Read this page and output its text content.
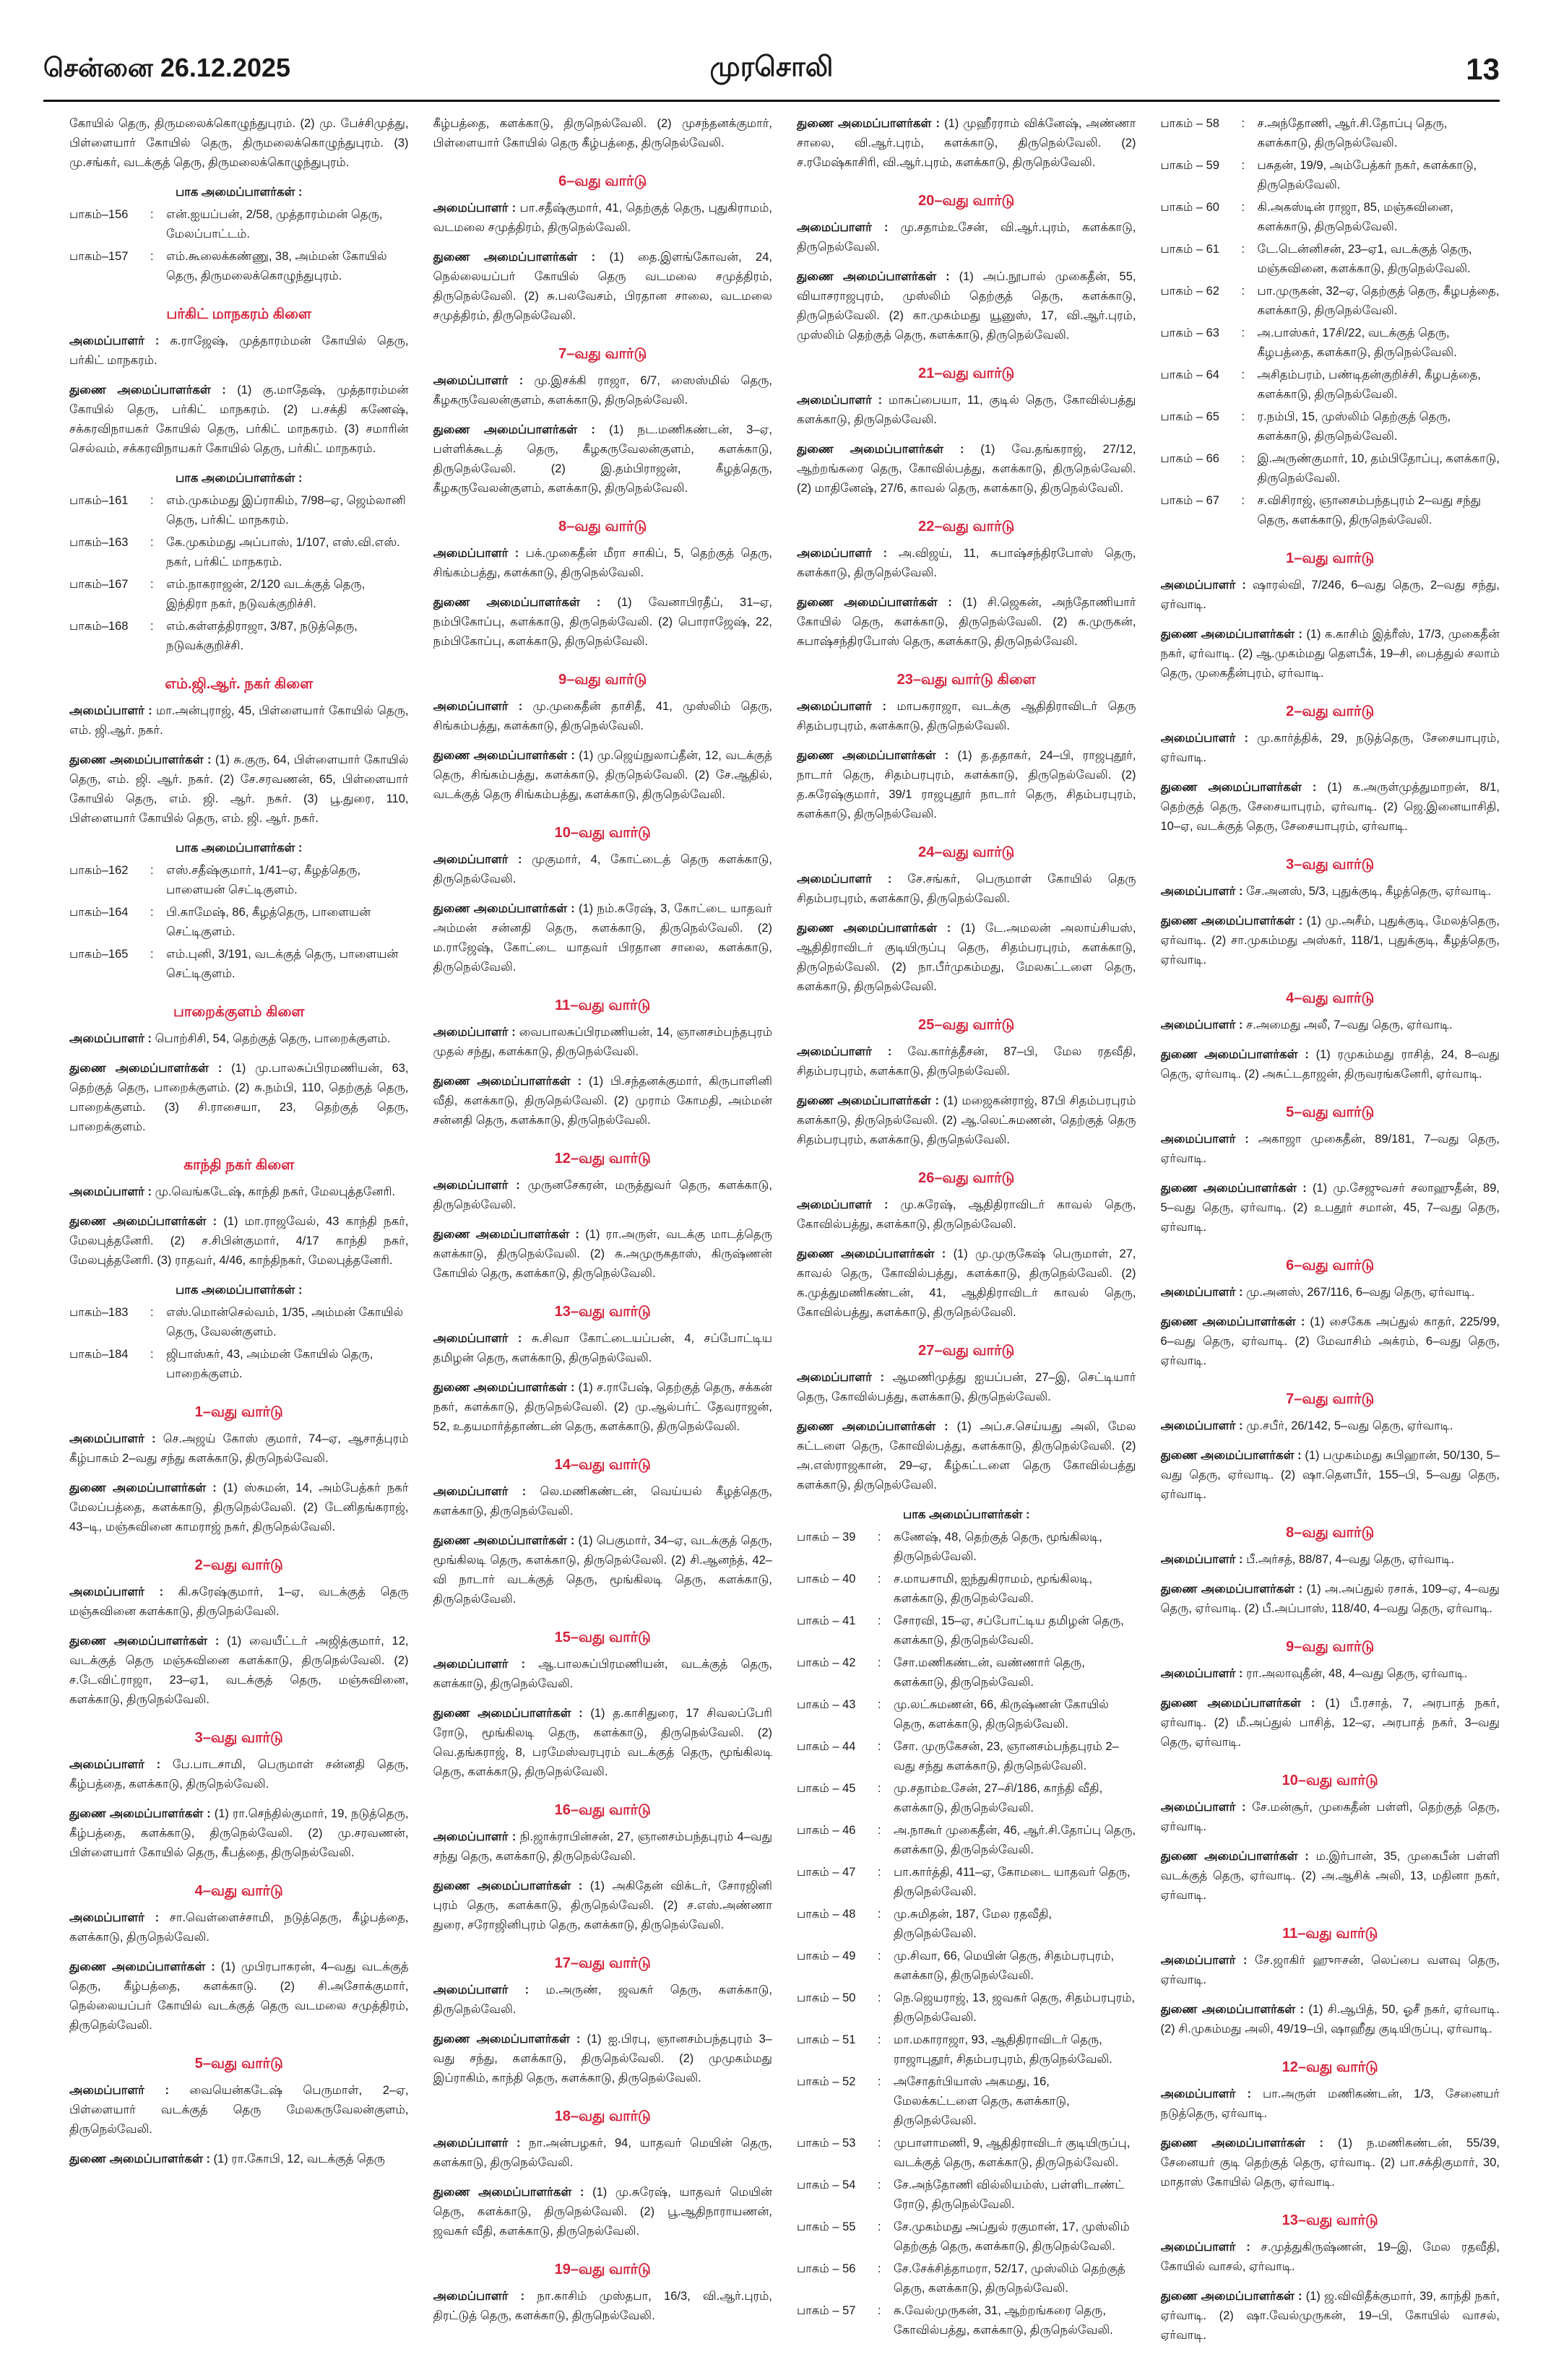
சென்னை 26.12.2025	முரசொலி	13

கோயில் தெரு, திருமலைக்கொழுந்துபுரம். (2) மு. பேச்சிமுத்து, பிள்ளையார் கோயில் தெரு, திருமலைக்கொழுந்துபுரம். (3) மு.சங்கர், வடக்குத் தெரு, திருமலைக்கொழுந்துபுரம்.

பாக அமைப்பாளர்கள் :
பாகம்–156	:	என்.ஐயப்பன், 2/58, முத்தாரம்மன் தெரு, மேலப்பாட்டம்.
பாகம்–157	:	எம்.கூலைக்கண்ணு, 38, அம்மன் கோயில் தெரு, திருமலைக்கொழுந்துபுரம்.
பர்கிட் மாநகரம் கிளை

அமைப்பாளர் : க.ராஜேஷ், முத்தாரம்மன் கோயில் தெரு, பர்கிட் மாநகரம்.

துணை அமைப்பாளர்கள் : (1) கு.மாதேஷ், முத்தாரம்மன் கோயில் தெரு, பர்கிட் மாநகரம். (2) ப.சக்தி கணேஷ், சக்கரவிநாயகர் கோயில் தெரு, பர்கிட் மாநகரம். (3) சமாரின் செல்வம், சக்கரவிநாயகர் கோயில் தெரு, பர்கிட் மாநகரம்.

பாக அமைப்பாளர்கள் :
பாகம்–161	:	எம்.முகம்மது இப்ராகிம், 7/98–ஏ, ஜெம்லானி தெரு, பர்கிட் மாநகரம்.
பாகம்–163	:	கே.முகம்மது அப்பாஸ், 1/107, எஸ்.வி.எஸ். நகர், பர்கிட் மாநகரம்.
பாகம்–167	:	எம்.நாகராஜன், 2/120 வடக்குத் தெரு, இந்திரா நகர், நடுவக்குறிச்சி.
பாகம்–168	:	எம்.கள்ளத்திராஜா, 3/87, நடுத்தெரு, நடுவக்குறிச்சி.
எம்.ஜி.ஆர். நகர் கிளை

அமைப்பாளர் : மா.அன்புராஜ், 45, பிள்ளையார் கோயில் தெரு, எம். ஜி.ஆர். நகர்.

துணை அமைப்பாளர்கள் : (1) சு.குரு, 64, பிள்ளையார் கோயில் தெரு, எம். ஜி. ஆர். நகர். (2) சே.சரவணன், 65, பிள்ளையார் கோயில் தெரு, எம். ஜி. ஆர். நகர். (3) பூ.துரை, 110, பிள்ளையார் கோயில் தெரு, எம். ஜி. ஆர். நகர்.

பாக அமைப்பாளர்கள் :
பாகம்–162	:	எஸ்.சதீஷ்குமார், 1/41–ஏ, கீழத்தெரு, பாளையன் செட்டிகுளம்.
பாகம்–164	:	பி.காமேஷ், 86, கீழத்தெரு, பாளையன் செட்டிகுளம்.
பாகம்–165	:	எம்.புனி, 3/191, வடக்குத் தெரு, பாளையன் செட்டிகுளம்.
பாறைக்குளம் கிளை

அமைப்பாளர் : பொற்சிசி, 54, தெற்குத் தெரு, பாறைக்குளம்.

துணை அமைப்பாளர்கள் : (1) மு.பாலசுப்பிரமணியன், 63, தெற்குத் தெரு, பாறைக்குளம். (2) சு.நம்பி, 110, தெற்குத் தெரு, பாறைக்குளம். (3) சி.ராசையா, 23, தெற்குத் தெரு, பாறைக்குளம்.

காந்தி நகர் கிளை

அமைப்பாளர் : மு.வெங்கடேஷ், காந்தி நகர், மேலபுத்தனேரி.

துணை அமைப்பாளர்கள் : (1) மா.ராஜவேல், 43 காந்தி நகர், மேலபுத்தனேரி. (2) ச.சிபின்குமார், 4/17 காந்தி நகர், மேலபுத்தனேரி. (3) ராதவர், 4/46, காந்திநகர், மேலபுத்தனேரி.

பாக அமைப்பாளர்கள் :
பாகம்–183	:	எஸ்.மொன்செல்வம், 1/35, அம்மன் கோயில் தெரு, வேலன்குளம்.
பாகம்–184	:	ஜிபாஸ்கர், 43, அம்மன் கோயில் தெரு, பாறைக்குளம்.
1–வது வார்டு

அமைப்பாளர் : செ.அஜய் கோஸ் குமார், 74–ஏ, ஆசாத்புரம் கீழ்பாகம் 2–வது சந்து களக்காடு, திருநெல்வேலி.

துணை அமைப்பாளர்கள் : (1) ஸ்சுமன், 14, அம்பேத்கர் நகர் மேலப்பத்தை, களக்காடு, திருநெல்வேலி. (2) டேனிதங்கராஜ், 43–டி, மஞ்சுவினை காமராஜ் நகர், திருநெல்வேலி.

2–வது வார்டு

அமைப்பாளர் : கி.சுரேஷ்குமார், 1–ஏ, வடக்குத் தெரு மஞ்சுவினை களக்காடு, திருநெல்வேலி.

துணை அமைப்பாளர்கள் : (1) வையீட்டர் அஜித்குமார், 12, வடக்குத் தெரு மஞ்சுவினை களக்காடு, திருநெல்வேலி. (2) ச.டேவிட்ராஜா, 23–ஏ1, வடக்குத் தெரு, மஞ்சுவினை, களக்காடு, திருநெல்வேலி.

3–வது வார்டு

அமைப்பாளர் : பே.பாடசாமி, பெருமாள் சன்னதி தெரு, கீழ்பத்தை, களக்காடு, திருநெல்வேலி.

துணை அமைப்பாளர்கள் : (1) ரா.செந்தில்குமார், 19, நடுத்தெரு, கீழ்பத்தை, களக்காடு, திருநெல்வேலி. (2) மு.சரவணன், பிள்ளையார் கோயில் தெரு, கீபத்தை, திருநெல்வேலி.

4–வது வார்டு

அமைப்பாளர் : சா.வெள்ளைச்சாமி, நடுத்தெரு, கீழ்பத்தை, களக்காடு, திருநெல்வேலி.

துணை அமைப்பாளர்கள் : (1) முபிரபாகரன், 4–வது வடக்குத் தெரு, கீழ்பத்தை, களக்காடு. (2) சி.அசோக்குமார், நெல்லையப்பர் கோயில் வடக்குத் தெரு வடமலை சமுத்திரம், திருநெல்வேலி.

5–வது வார்டு

அமைப்பாளர் : வையென்கடேஷ் பெருமாள், 2–ஏ, பிள்ளையார் வடக்குத் தெரு மேலகருவேலன்குளம், திருநெல்வேலி.

துணை அமைப்பாளர்கள் : (1) ரா.கோபி, 12, வடக்குத் தெரு

கீழ்பத்தை, களக்காடு, திருநெல்வேலி. (2) முசந்தனக்குமார், பிள்ளையார் கோயில் தெரு கீழ்பத்தை, திருநெல்வேலி.

6–வது வார்டு

அமைப்பாளர் : பா.சதீஷ்குமார், 41, தெற்குத் தெரு, புதுகிராமம், வடமலை சமுத்திரம், திருநெல்வேலி.

துணை அமைப்பாளர்கள் : (1) தை.இளங்கோவன், 24, நெல்லையப்பர் கோயில் தெரு வடமலை சமுத்திரம், திருநெல்வேலி. (2) சு.பலவேசம், பிரதான சாலை, வடமலை சமுத்திரம், திருநெல்வேலி.

7–வது வார்டு

அமைப்பாளர் : மு.இசக்கி ராஜா, 6/7, ஸைஸ்மில் தெரு, கீழகருவேலன்குளம், களக்காடு, திருநெல்வேலி.

துணை அமைப்பாளர்கள் : (1) நட.மணிகண்டன், 3–ஏ, பள்ளிக்கூடத் தெரு, கீழகருவேலன்குளம், களக்காடு, திருநெல்வேலி. (2) இ.தம்பிராஜன், கீழத்தெரு, கீழகருவேலன்குளம், களக்காடு, திருநெல்வேலி.

8–வது வார்டு

அமைப்பாளர் : பக்.முகைதீன் மீரா சாகிப், 5, தெற்குத் தெரு, சிங்கம்பத்து, களக்காடு, திருநெல்வேலி.

துணை அமைப்பாளர்கள் : (1) வேனாபிரதீப், 31–ஏ, நம்பிகோப்பு, களக்காடு, திருநெல்வேலி. (2) பொராஜேஷ், 22, நம்பிகோப்பு, களக்காடு, திருநெல்வேலி.

9–வது வார்டு

அமைப்பாளர் : மு.முகைதீன் தாசிதீ, 41, முஸ்லிம் தெரு, சிங்கம்பத்து, களக்காடு, திருநெல்வேலி.

துணை அமைப்பாளர்கள் : (1) மு.ஜெய்நுலாப்தீன், 12, வடக்குத் தெரு, சிங்கம்பத்து, களக்காடு, திருநெல்வேலி. (2) சே.ஆதில், வடக்குத் தெரு சிங்கம்பத்து, களக்காடு, திருநெல்வேலி.

10–வது வார்டு

அமைப்பாளர் : முகுமார், 4, கோட்டைத் தெரு களக்காடு, திருநெல்வேலி.

துணை அமைப்பாளர்கள் : (1) நம்.சுரேஷ், 3, கோட்டை யாதவர் அம்மன் சன்னதி தெரு, களக்காடு, திருநெல்வேலி. (2) ம.ராஜேஷ், கோட்டை யாதவர் பிரதான சாலை, களக்காடு, திருநெல்வேலி.

11–வது வார்டு

அமைப்பாளர் : வைபாலசுப்பிரமணியன், 14, ஞானசம்பந்தபுரம் முதல் சந்து, களக்காடு, திருநெல்வேலி.

துணை அமைப்பாளர்கள் : (1) பி.சந்தனக்குமார், கிருபாளினி வீதி, களக்காடு, திருநெல்வேலி. (2) முராம் கோமதி, அம்மன் சன்னதி தெரு, களக்காடு, திருநெல்வேலி.

12–வது வார்டு

அமைப்பாளர் : முருனசேகரன், மருத்துவர் தெரு, களக்காடு, திருநெல்வேலி.

துணை அமைப்பாளர்கள் : (1) ரா.அருள், வடக்கு மாடத்தெரு களக்காடு, திருநெல்வேலி. (2) சு.அமுருகதாஸ், கிருஷ்ணன் கோயில் தெரு, களக்காடு, திருநெல்வேலி.

13–வது வார்டு

அமைப்பாளர் : சு.சிவா கோட்டையப்பன், 4, சப்போட்டிய தமிழன் தெரு, களக்காடு, திருநெல்வேலி.

துணை அமைப்பாளர்கள் : (1) ச.ராபேஷ், தெற்குத் தெரு, சக்கன் நகர், களக்காடு, திருநெல்வேலி. (2) மு.ஆல்பர்ட் தேவராஜன், 52, உதயமார்த்தாண்டன் தெரு, களக்காடு, திருநெல்வேலி.

14–வது வார்டு

அமைப்பாளர் : லெ.மணிகண்டன், வெய்யல் கீழத்தெரு, களக்காடு, திருநெல்வேலி.

துணை அமைப்பாளர்கள் : (1) பெகுமார், 34–ஏ, வடக்குத் தெரு, மூங்கிலடி தெரு, களக்காடு, திருநெல்வேலி. (2) சி.ஆனந்த், 42–வி நாடார் வடக்குத் தெரு, மூங்கிலடி தெரு, களக்காடு, திருநெல்வேலி.

15–வது வார்டு

அமைப்பாளர் : ஆ.பாலசுப்பிரமணியன், வடக்குத் தெரு, களக்காடு, திருநெல்வேலி.

துணை அமைப்பாளர்கள் : (1) த.காசிதுரை, 17 சிவலப்பேரி ரோடு, மூங்கிலடி தெரு, களக்காடு, திருநெல்வேலி. (2) வெ.தங்கராஜ், 8, பரமேஸ்வரபுரம் வடக்குத் தெரு, மூங்கிலடி தெரு, களக்காடு, திருநெல்வேலி.

16–வது வார்டு

அமைப்பாளர் : நி.ஜாக்ராபின்சன், 27, ஞானசம்பந்தபுரம் 4–வது சந்து தெரு, களக்காடு, திருநெல்வேலி.

துணை அமைப்பாளர்கள் : (1) அகிதேன் விக்டர், சோரஜினி புரம் தெரு, களக்காடு, திருநெல்வேலி. (2) ச.எஸ்.அண்ணா துரை, சரோஜினிபுரம் தெரு, களக்காடு, திருநெல்வேலி.

17–வது வார்டு

அமைப்பாளர் : ம.அருண், ஜவகர் தெரு, களக்காடு, திருநெல்வேலி.

துணை அமைப்பாளர்கள் : (1) ஐ.பிரபு, ஞானசம்பந்தபுரம் 3–வது சந்து, களக்காடு, திருநெல்வேலி. (2) முமுகம்மது இப்ராகிம், காந்தி தெரு, களக்காடு, திருநெல்வேலி.

18–வது வார்டு

அமைப்பாளர் : நா.அன்பழகர், 94, யாதவர் மெயின் தெரு, களக்காடு, திருநெல்வேலி.

துணை அமைப்பாளர்கள் : (1) மு.சுரேஷ், யாதவர் மெயின் தெரு, களக்காடு, திருநெல்வேலி. (2) பூ.ஆதிநாராயணன், ஜவகர் வீதி, களக்காடு, திருநெல்வேலி.

19–வது வார்டு

அமைப்பாளர் : நா.காசிம் முஸ்தபா, 16/3, வி.ஆர்.புரம், திரட்டுத் தெரு, களக்காடு, திருநெல்வேலி.

துணை அமைப்பாளர்கள் : (1) முஹீரராம் விக்னேஷ், அண்ணா சாலை, வி.ஆர்.புரம், களக்காடு, திருநெல்வேலி. (2) ச.ரமேஷ்காசிரி, வி.ஆர்.புரம், களக்காடு, திருநெல்வேலி.

20–வது வார்டு

அமைப்பாளர் : மு.சதாம்உசேன், வி.ஆர்.புரம், களக்காடு, திருநெல்வேலி.

துணை அமைப்பாளர்கள் : (1) அப்.நூபால் முகைதீன், 55, வியாசராஜபுரம், முஸ்லிம் தெற்குத் தெரு, களக்காடு, திருநெல்வேலி. (2) கா.முகம்மது யூனுஸ், 17, வி.ஆர்.புரம், முஸ்லிம் தெற்குத் தெரு, களக்காடு, திருநெல்வேலி.

21–வது வார்டு

அமைப்பாளர் : மாசுப்பையா, 11, குடில் தெரு, கோவில்பத்து களக்காடு, திருநெல்வேலி.

துணை அமைப்பாளர்கள் : (1) வே.தங்கராஜ், 27/12, ஆற்றங்கரை தெரு, கோவில்பத்து, களக்காடு, திருநெல்வேலி. (2) மாதினேஷ், 27/6, காவல் தெரு, களக்காடு, திருநெல்வேலி.

22–வது வார்டு

அமைப்பாளர் : அ.விஜய், 11, சுபாஷ்சந்திரபோஸ் தெரு, களக்காடு, திருநெல்வேலி.

துணை அமைப்பாளர்கள் : (1) சி.ஜெகன், அந்தோணியார் கோயில் தெரு, களக்காடு, திருநெல்வேலி. (2) சு.முருகன், சுபாஷ்சந்திரபோஸ் தெரு, களக்காடு, திருநெல்வேலி.

23–வது வார்டு கிளை

அமைப்பாளர் : மாபகராஜா, வடக்கு ஆதிதிராவிடர் தெரு சிதம்பரபுரம், களக்காடு, திருநெல்வேலி.

துணை அமைப்பாளர்கள் : (1) த.ததாகர், 24–பி, ராஜபுதூர், நாடார் தெரு, சிதம்பரபுரம், களக்காடு, திருநெல்வேலி. (2) த.சுரேஷ்குமார், 39/1 ராஜபுதூர் நாடார் தெரு, சிதம்பரபுரம், களக்காடு, திருநெல்வேலி.

24–வது வார்டு

அமைப்பாளர் : சே.சங்கர், பெருமாள் கோயில் தெரு சிதம்பரபுரம், களக்காடு, திருநெல்வேலி.

துணை அமைப்பாளர்கள் : (1) டே.அமலன் அலாய்சியஸ், ஆதிதிராவிடர் குடியிருப்பு தெரு, சிதம்பரபுரம், களக்காடு, திருநெல்வேலி. (2) நா.பீர்முகம்மது, மேலகட்டளை தெரு, களக்காடு, திருநெல்வேலி.

25–வது வார்டு

அமைப்பாளர் : வே.கார்த்தீசன், 87–பி, மேல ரதவீதி, சிதம்பரபுரம், களக்காடு, திருநெல்வேலி.

துணை அமைப்பாளர்கள் : (1) மஜைகன்ராஜ், 87பி சிதம்பரபுரம் களக்காடு, திருநெல்வேலி. (2) ஆ.லெட்சுமணன், தெற்குத் தெரு சிதம்பரபுரம், களக்காடு, திருநெல்வேலி.

26–வது வார்டு

அமைப்பாளர் : மு.சுரேஷ், ஆதிதிராவிடர் காவல் தெரு, கோவில்பத்து, களக்காடு, திருநெல்வேலி.

துணை அமைப்பாளர்கள் : (1) மு.முருகேஷ் பெருமாள், 27, காவல் தெரு, கோவில்பத்து, களக்காடு, திருநெல்வேலி. (2) க.முத்துமணிகண்டன், 41, ஆதிதிராவிடர் காவல் தெரு, கோவில்பத்து, களக்காடு, திருநெல்வேலி.

27–வது வார்டு

அமைப்பாளர் : ஆமணிமுத்து ஐயப்பன், 27–இ, செட்டியார் தெரு, கோவில்பத்து, களக்காடு, திருநெல்வேலி.

துணை அமைப்பாளர்கள் : (1) அப்.ச.செய்யது அலி, மேல கட்டளை தெரு, கோவில்பத்து, களக்காடு, திருநெல்வேலி. (2) அ.எஸ்ராஜகான், 29–ஏ, கீழ்கட்டளை தெரு கோவில்பத்து களக்காடு, திருநெல்வேலி.

பாக அமைப்பாளர்கள் :
பாகம் – 39	:	கணேஷ், 48, தெற்குத் தெரு, மூங்கிலடி, திருநெல்வேலி.
பாகம் – 40	:	ச.மாயசாமி, ஐந்துகிராமம், மூங்கிலடி, களக்காடு, திருநெல்வேலி.
பாகம் – 41	:	சோரவி, 15–ஏ, சப்போட்டிய தமிழன் தெரு, களக்காடு, திருநெல்வேலி.
பாகம் – 42	:	சோ.மணிகண்டன், வண்ணார் தெரு, களக்காடு, திருநெல்வேலி.
பாகம் – 43	:	மு.லட்சுமணன், 66, கிருஷ்ணன் கோயில் தெரு, களக்காடு, திருநெல்வேலி.
பாகம் – 44	:	சோ. முருகேசன், 23, ஞானசம்பந்தபுரம் 2–வது சந்து களக்காடு, திருநெல்வேலி.
பாகம் – 45	:	மு.சதாம்உசேன், 27–சி/186, காந்தி வீதி, களக்காடு, திருநெல்வேலி.
பாகம் – 46	:	அ.நாகூர் முகைதீன், 46, ஆர்.சி.தோப்பு தெரு, களக்காடு, திருநெல்வேலி.
பாகம் – 47	:	பா.கார்த்தி, 411–ஏ, கோமடை யாதவர் தெரு, திருநெல்வேலி.
பாகம் – 48	:	மு.சுமிதன், 187, மேல ரதவீதி, திருநெல்வேலி.
பாகம் – 49	:	மு.சிவா, 66, மெயின் தெரு, சிதம்பரபுரம், களக்காடு, திருநெல்வேலி.
பாகம் – 50	:	நெ.ஜெயராஜ், 13, ஜவகர் தெரு, சிதம்பரபுரம், திருநெல்வேலி.
பாகம் – 51	:	மா.மகாராஜா, 93, ஆதிதிராவிடர் தெரு, ராஜாபுதூர், சிதம்பரபுரம், திருநெல்வேலி.
பாகம் – 52	:	அசோதர்பியாஸ் அகமது, 16, மேலக்கட்டளை தெரு, களக்காடு, திருநெல்வேலி.
பாகம் – 53	:	முபாளாமணி, 9, ஆதிதிராவிடர் குடியிருப்பு, வடக்குத் தெரு, களக்காடு, திருநெல்வேலி.
பாகம் – 54	:	சே.அந்தோணி வில்லியம்ஸ், பள்ளிடாண்ட் ரோடு, திருநெல்வேலி.
பாகம் – 55	:	சே.முகம்மது அப்துல் ரகுமான், 17, முஸ்லிம் தெற்குத் தெரு, களக்காடு, திருநெல்வேலி.
பாகம் – 56	:	சே.சேக்சித்தாமரா, 52/17, முஸ்லிம் தெற்குத் தெரு, களக்காடு, திருநெல்வேலி.
பாகம் – 57	:	சு.வேல்முருகன், 31, ஆற்றங்கரை தெரு, கோவில்பத்து, களக்காடு, திருநெல்வேலி.
பாகம் – 58	:	ச.அந்தோணி, ஆர்.சி.தோப்பு தெரு, களக்காடு, திருநெல்வேலி.
பாகம் – 59	:	பசுதன், 19/9, அம்பேத்கர் நகர், களக்காடு, திருநெல்வேலி.
பாகம் – 60	:	கி.அகஸ்டின் ராஜா, 85, மஞ்சுவினை, களக்காடு, திருநெல்வேலி.
பாகம் – 61	:	டே.டென்னிசன், 23–ஏ1, வடக்குத் தெரு, மஞ்சுவினை, களக்காடு, திருநெல்வேலி.
பாகம் – 62	:	பா.முருகன், 32–ஏ, தெற்குத் தெரு, கீழபத்தை, களக்காடு, திருநெல்வேலி.
பாகம் – 63	:	அ.பாஸ்கர், 17சி/22, வடக்குத் தெரு, கீழபத்தை, களக்காடு, திருநெல்வேலி.
பாகம் – 64	:	அசிதம்பரம், பண்டிதன்குறிச்சி, கீழபத்தை, களக்காடு, திருநெல்வேலி.
பாகம் – 65	:	ர.நம்பி, 15, முஸ்லிம் தெற்குத் தெரு, களக்காடு, திருநெல்வேலி.
பாகம் – 66	:	இ.அருண்குமார், 10, தம்பிதோப்பு, களக்காடு, திருநெல்வேலி.
பாகம் – 67	:	ச.விசிராஜ், ஞானசம்பந்தபுரம் 2–வது சந்து தெரு, களக்காடு, திருநெல்வேலி.
1–வது வார்டு

அமைப்பாளர் : ஷாரல்வி, 7/246, 6–வது தெரு, 2–வது சந்து, ஏர்வாடி.

துணை அமைப்பாளர்கள் : (1) க.காசிம் இத்ரீஸ், 17/3, முகைதீன் நகர், ஏர்வாடி. (2) ஆ.முகம்மது தௌபீக், 19–சி, பைத்துல் சலாம் தெரு, முகைதீன்புரம், ஏர்வாடி.

2–வது வார்டு

அமைப்பாளர் : மு.கார்த்திக், 29, நடுத்தெரு, சேசையாபுரம், ஏர்வாடி.

துணை அமைப்பாளர்கள் : (1) க.அருள்முத்துமாறன், 8/1, தெற்குத் தெரு, சேசையாபுரம், ஏர்வாடி. (2) ஜெ.இனையாசிதி, 10–ஏ, வடக்குத் தெரு, சேசையாபுரம், ஏர்வாடி.

3–வது வார்டு

அமைப்பாளர் : சே.அனஸ், 5/3, புதுக்குடி, கீழத்தெரு, ஏர்வாடி.

துணை அமைப்பாளர்கள் : (1) மு.அசீம், புதுக்குடி, மேலத்தெரு, ஏர்வாடி. (2) சா.முகம்மது அஸ்கர், 118/1, புதுக்குடி, கீழத்தெரு, ஏர்வாடி.

4–வது வார்டு

அமைப்பாளர் : ச.அமைது அலீ, 7–வது தெரு, ஏர்வாடி.

துணை அமைப்பாளர்கள் : (1) ரமுகம்மது ராசித், 24, 8–வது தெரு, ஏர்வாடி. (2) அசுட்டதாஜன், திருவரங்கனேரி, ஏர்வாடி.

5–வது வார்டு

அமைப்பாளர் : அகாஜா முகைதீன், 89/181, 7–வது தெரு, ஏர்வாடி.

துணை அமைப்பாளர்கள் : (1) மு.சேஜுவசர் சலாஹுதீன், 89, 5–வது தெரு, ஏர்வாடி. (2) உபதூர் சமான், 45, 7–வது தெரு, ஏர்வாடி.

6–வது வார்டு

அமைப்பாளர் : மு.அனஸ், 267/116, 6–வது தெரு, ஏர்வாடி.

துணை அமைப்பாளர்கள் : (1) சைகேக அப்துல் காதர், 225/99, 6–வது தெரு, ஏர்வாடி. (2) மேவாசிம் அக்ரம், 6–வது தெரு, ஏர்வாடி.

7–வது வார்டு

அமைப்பாளர் : மு.சபீர், 26/142, 5–வது தெரு, ஏர்வாடி.

துணை அமைப்பாளர்கள் : (1) பமுகம்மது சுபிஹான், 50/130, 5–வது தெரு, ஏர்வாடி. (2) ஷா.தௌபீர், 155–பி, 5–வது தெரு, ஏர்வாடி.

8–வது வார்டு

அமைப்பாளர் : பீ.அர்சத், 88/87, 4–வது தெரு, ஏர்வாடி.

துணை அமைப்பாளர்கள் : (1) அ.அப்துல் ரசாக், 109–ஏ, 4–வது தெரு, ஏர்வாடி. (2) பீ.அப்பாஸ், 118/40, 4–வது தெரு, ஏர்வாடி.

9–வது வார்டு

அமைப்பாளர் : ரா.அலாவுதீன், 48, 4–வது தெரு, ஏர்வாடி.

துணை அமைப்பாளர்கள் : (1) பீ.ரசாத், 7, அரபாத் நகர், ஏர்வாடி. (2) மீ.அப்துல் பாசித், 12–ஏ, அரபாத் நகர், 3–வது தெரு, ஏர்வாடி.

10–வது வார்டு

அமைப்பாளர் : சே.மன்சூர், முகைதீன் பள்ளி, தெற்குத் தெரு, ஏர்வாடி.

துணை அமைப்பாளர்கள் : ம.இர்பான், 35, முகைபீன் பள்ளி வடக்குத் தெரு, ஏர்வாடி. (2) அ.ஆசிக் அலி, 13, மதினா நகர், ஏர்வாடி.

11–வது வார்டு

அமைப்பாளர் : சே.ஜாகிர் ஹுஈசன், லெப்பை வளவு தெரு, ஏர்வாடி.

துணை அமைப்பாளர்கள் : (1) சி.ஆபித், 50, ஓசீ நகர், ஏர்வாடி. (2) சி.முகம்மது அலி, 49/19–பி, ஷாஹீது குடியிருப்பு, ஏர்வாடி.

12–வது வார்டு

அமைப்பாளர் : பா.அருள் மணிகண்டன், 1/3, சேனையர் நடுத்தெரு, ஏர்வாடி.

துணை அமைப்பாளர்கள் : (1) ந.மணிகண்டன், 55/39, சேனையர் குடி தெற்குத் தெரு, ஏர்வாடி. (2) பா.சக்திகுமார், 30, மாதாஸ் கோயில் தெரு, ஏர்வாடி.

13–வது வார்டு

அமைப்பாளர் : ச.முத்துகிருஷ்ணன், 19–இ, மேல ரதவீதி, கோயில் வாசல், ஏர்வாடி.

துணை அமைப்பாளர்கள் : (1) ஜ.விவிதீக்குமார், 39, காந்தி நகர், ஏர்வாடி. (2) ஷா.வேல்முருகன், 19–பி, கோயில் வாசல், ஏர்வாடி.
